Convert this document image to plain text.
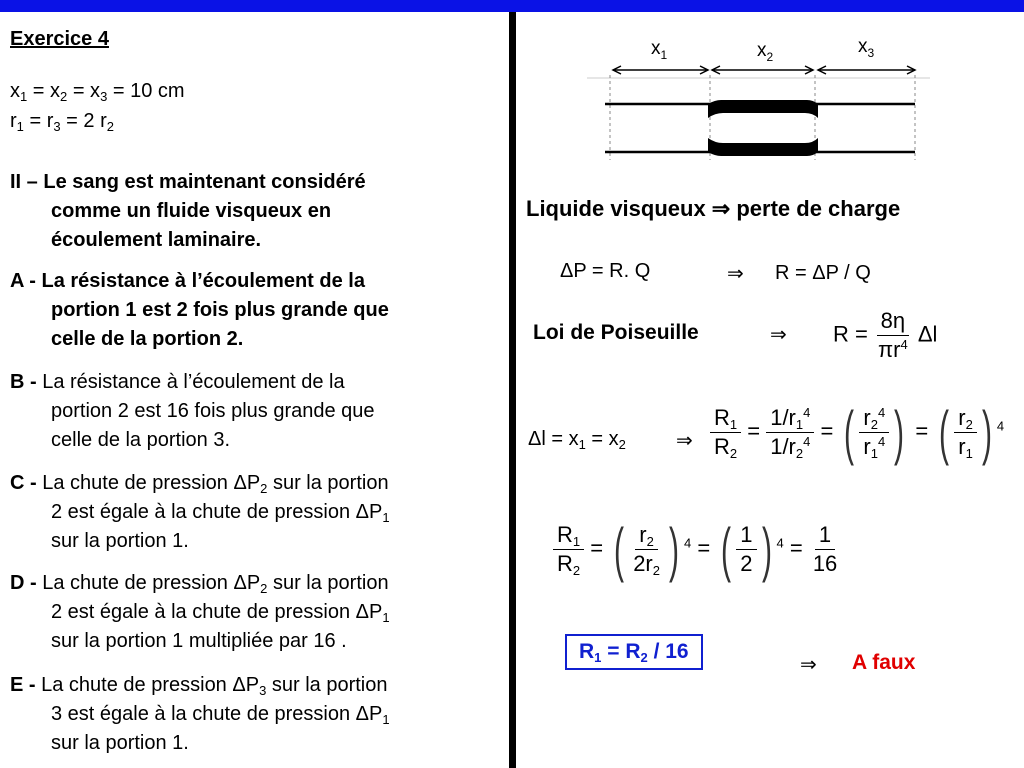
Exercice 4
$x_1 = x_2 = x_3 = 10$ cm
$r_1 = r_3 = 2$ $r_2$
II – Le sang est maintenant considéré
comme un fluide visqueux en
écoulement laminaire.
A - La résistance à l’écoulement de la
portion 1 est 2 fois plus grande que
celle de la portion 2.
B - La résistance à l’écoulement de la
portion 2 est 16 fois plus grande que
celle de la portion 3.
C - La chute de pression $\Delta P_2$ sur la portion
2 est égale à la chute de pression $\Delta P_1$
sur la portion 1.
D - La chute de pression $\Delta P_2$ sur la portion
2 est égale à la chute de pression $\Delta P_1$
sur la portion 1 multipliée par 16 .
E - La chute de pression $\Delta P_3$ sur la portion
3 est égale à la chute de pression $\Delta P_1$
sur la portion 1.
$x_1$	$x_2$	$x_3$
Liquide visqueux ⇒ perte de charge
ΔP = R. Q	⇒ R = ΔP / Q
Loi de Poiseuille	⇒ $R = \frac{8\eta}{\pi r^4}$ Δl
$\Delta l = x_1 = x_2$	⇒ $\frac{R_1}{R_2} = \frac{1/r_1^4}{1/r_2^4}$ = ( $\frac{r_2^4}{r_1^4}$ ) = ( $\frac{r_2}{r_1}$ ) $^4$
$\frac{R_1}{R_2}$ = ( $\frac{r_2}{2r_2}$ ) $^4$ = ( $\frac{1}{2}$ ) $^4 = \frac{1}{16}$
$R_1 = R_2 / 16$
⇒ A faux
